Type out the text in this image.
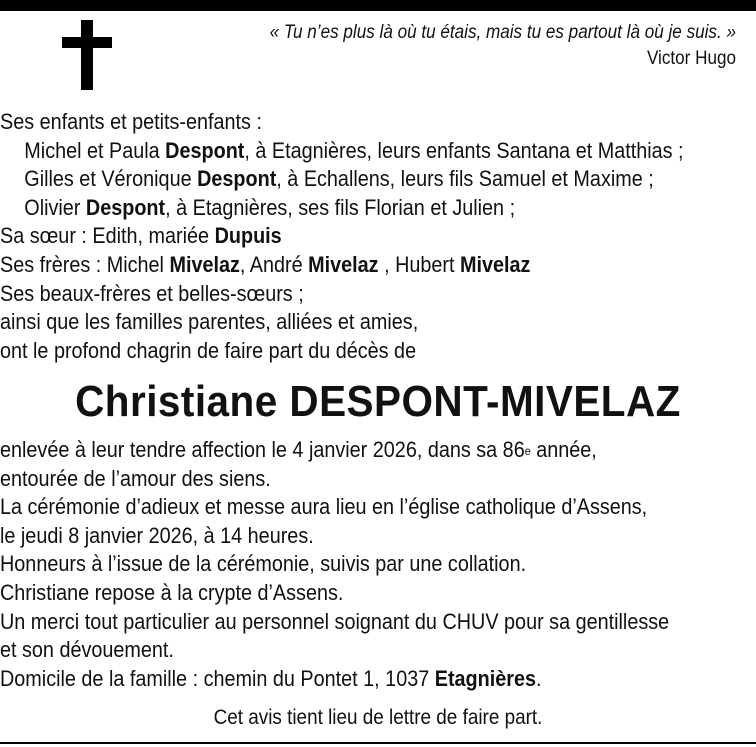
« Tu n’es plus là où tu étais, mais tu es partout là où je suis. »
Victor Hugo
Ses enfants et petits-enfants :
Michel et Paula Despont, à Etagnières, leurs enfants Santana et Matthias ;
Gilles et Véronique Despont, à Echallens, leurs fils Samuel et Maxime ;
Olivier Despont, à Etagnières, ses fils Florian et Julien ;
Sa sœur : Edith, mariée Dupuis
Ses frères : Michel Mivelaz, André Mivelaz , Hubert Mivelaz
Ses beaux-frères et belles-sœurs ;
ainsi que les familles parentes, alliées et amies,
ont le profond chagrin de faire part du décès de
Christiane DESPONT-MIVELAZ
enlevée à leur tendre affection le 4 janvier 2026, dans sa 86e année,
entourée de l’amour des siens.
La cérémonie d’adieux et messe aura lieu en l’église catholique d’Assens,
le jeudi 8 janvier 2026, à 14 heures.
Honneurs à l’issue de la cérémonie, suivis par une collation.
Christiane repose à la crypte d’Assens.
Un merci tout particulier au personnel soignant du CHUV pour sa gentillesse
et son dévouement.
Domicile de la famille : chemin du Pontet 1, 1037 Etagnières.
Cet avis tient lieu de lettre de faire part.
